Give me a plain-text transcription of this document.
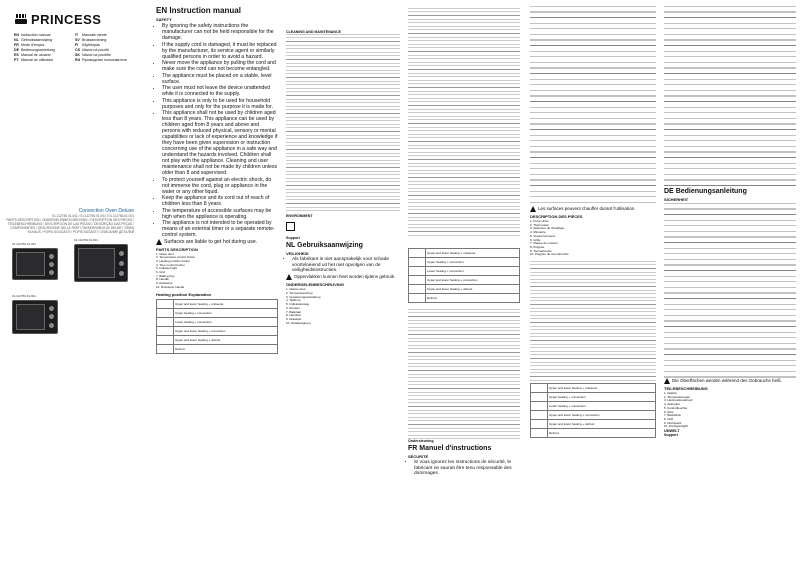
PRINCESS
EN Instruction manual	IT Manuale utente
NL Gebruiksaanwijzing	SV Bruksanvisning
FR Mode d'emploi	FI Käyttöopas
DE Bedienungsanleitung	CS Návod na použití
ES Manual de usuario	SK Návod na použitie
PT Manual de utilizador	RU Руководство пользователя
Convection Oven Deluxe
01.112750.01.001 / 01.112760.01.001 / 01.112766.01.001
PARTS DESCRIPTION / ONDERDELENBESCHRIJVING / DESCRIPTION DES PIÈCES / TEILEBESCHREIBUNG / DESCRIPCIÓN DE LAS PIEZAS / DESCRIÇÃO DAS PEÇAS / COMPONENTES / DESCRIZIONE DELLE PARTI / BESKRIVNING AV DELAR / OSIEN KUVAUS / POPIS SOUČÁSTÍ / POPIS SÚČASTÍ / ОПИСАНИЕ ДЕТАЛЕЙ
01.112750.01.001
01.112760.01.001
01.112766.01.001
EN Instruction manual
SAFETY
• By ignoring the safety instructions the manufacturer can not be held responsible for the damage.
• If the supply cord is damaged, it must be replaced by the manufacturer, its service agent or similarly qualified persons in order to avoid a hazard.
• Never move the appliance by pulling the cord and make sure the cord can not become entangled.
• The appliance must be placed on a stable, level surface.
• The user must not leave the device unattended while it is connected to the supply.
• This appliance is only to be used for household purposes and only for the purpose it is made for.
• This appliance shall not be used by children aged less than 8 years. This appliance can be used by children aged from 8 years and above and persons with reduced physical, sensory or mental capabilities or lack of experience and knowledge if they have been given supervision or instruction concerning use of the appliance in a safe way and understand the hazards involved. Children shall not play with the appliance. Cleaning and user maintenance shall not be made by children unless older than 8 and supervised.
• To protect yourself against an electric shock, do not immerse the cord, plug or appliance in the water or any other liquid.
• Keep the appliance and its cord out of reach of children less than 8 years.
• The temperature of accessible surfaces may be high when the appliance is operating.
• The appliance is not intended to be operated by means of an external timer or a separate remote-control system.
Surfaces are liable to get hot during use.
PARTS DESCRIPTION
1. Glass door
2. Temperature control button
3. Heating position button
4. Time control button
5. Indicator light
6. Grid
7. Baking tray
8. Handle
9. Rotisserie
10. Rotisserie handle
Heating position Explanation
	Upper and lower heating + rotisserie
	Upper heating + convection
	Lower heating + convection
	Upper and lower heating + convection
	Upper and lower heating + defrost
	Defrost
CLEANING AND MAINTENANCE
ENVIRONMENT
Support
NL Gebruiksaanwijzing
VEILIGHEID
• Als fabrikant is niet aansprakelijk voor schade voortvloeiend uit het niet opvolgen van de veiligheidsinstructies.
Oppervlakken kunnen heet worden tijdens gebruik.
ONDERDELENBESCHRIJVING
1. Glazen deur
2. Temperatuurknop
3. Verwarmingsstandknop
4. Tijdknop
5. Indicatielampje
6. Rooster
7. Bakplaat
8. Handvat
9. Draaispit
10. Draaispitgreep
	Upper and lower heating + rotisserie
	Upper heating + convection
	Lower heating + convection
	Upper and lower heating + convection
	Upper and lower heating + defrost
	Defrost
Ondersteuning
FR Manuel d'instructions
SÉCURITÉ
• Si vous ignorez les instructions de sécurité, le fabricant ne saurait être tenu responsable des dommages.
Les surfaces peuvent chauffer durant l'utilisation.
DESCRIPTION DES PIÈCES
1. Porte vitrée
2. Thermostat
3. Sélecteur de chauffage
4. Minuterie
5. Voyant lumineux
6. Grille
7. Plaque de cuisson
8. Poignée
9. Tournebroche
10. Poignée de tournebroche
	Upper and lower heating + rotisserie
	Upper heating + convection
	Lower heating + convection
	Upper and lower heating + convection
	Upper and lower heating + defrost
	Defrost
DE Bedienungsanleitung
SICHERHEIT
Die Oberflächen werden während des Gebrauchs heiß.
TEILEBESCHREIBUNG
1. Glastür
2. Temperaturregler
3. Heizpositionsknopf
4. Zeitregler
5. Kontrollleuchte
6. Rost
7. Backblech
8. Griff
9. Drehspieß
10. Drehspießgriff
UMWELT
Support
